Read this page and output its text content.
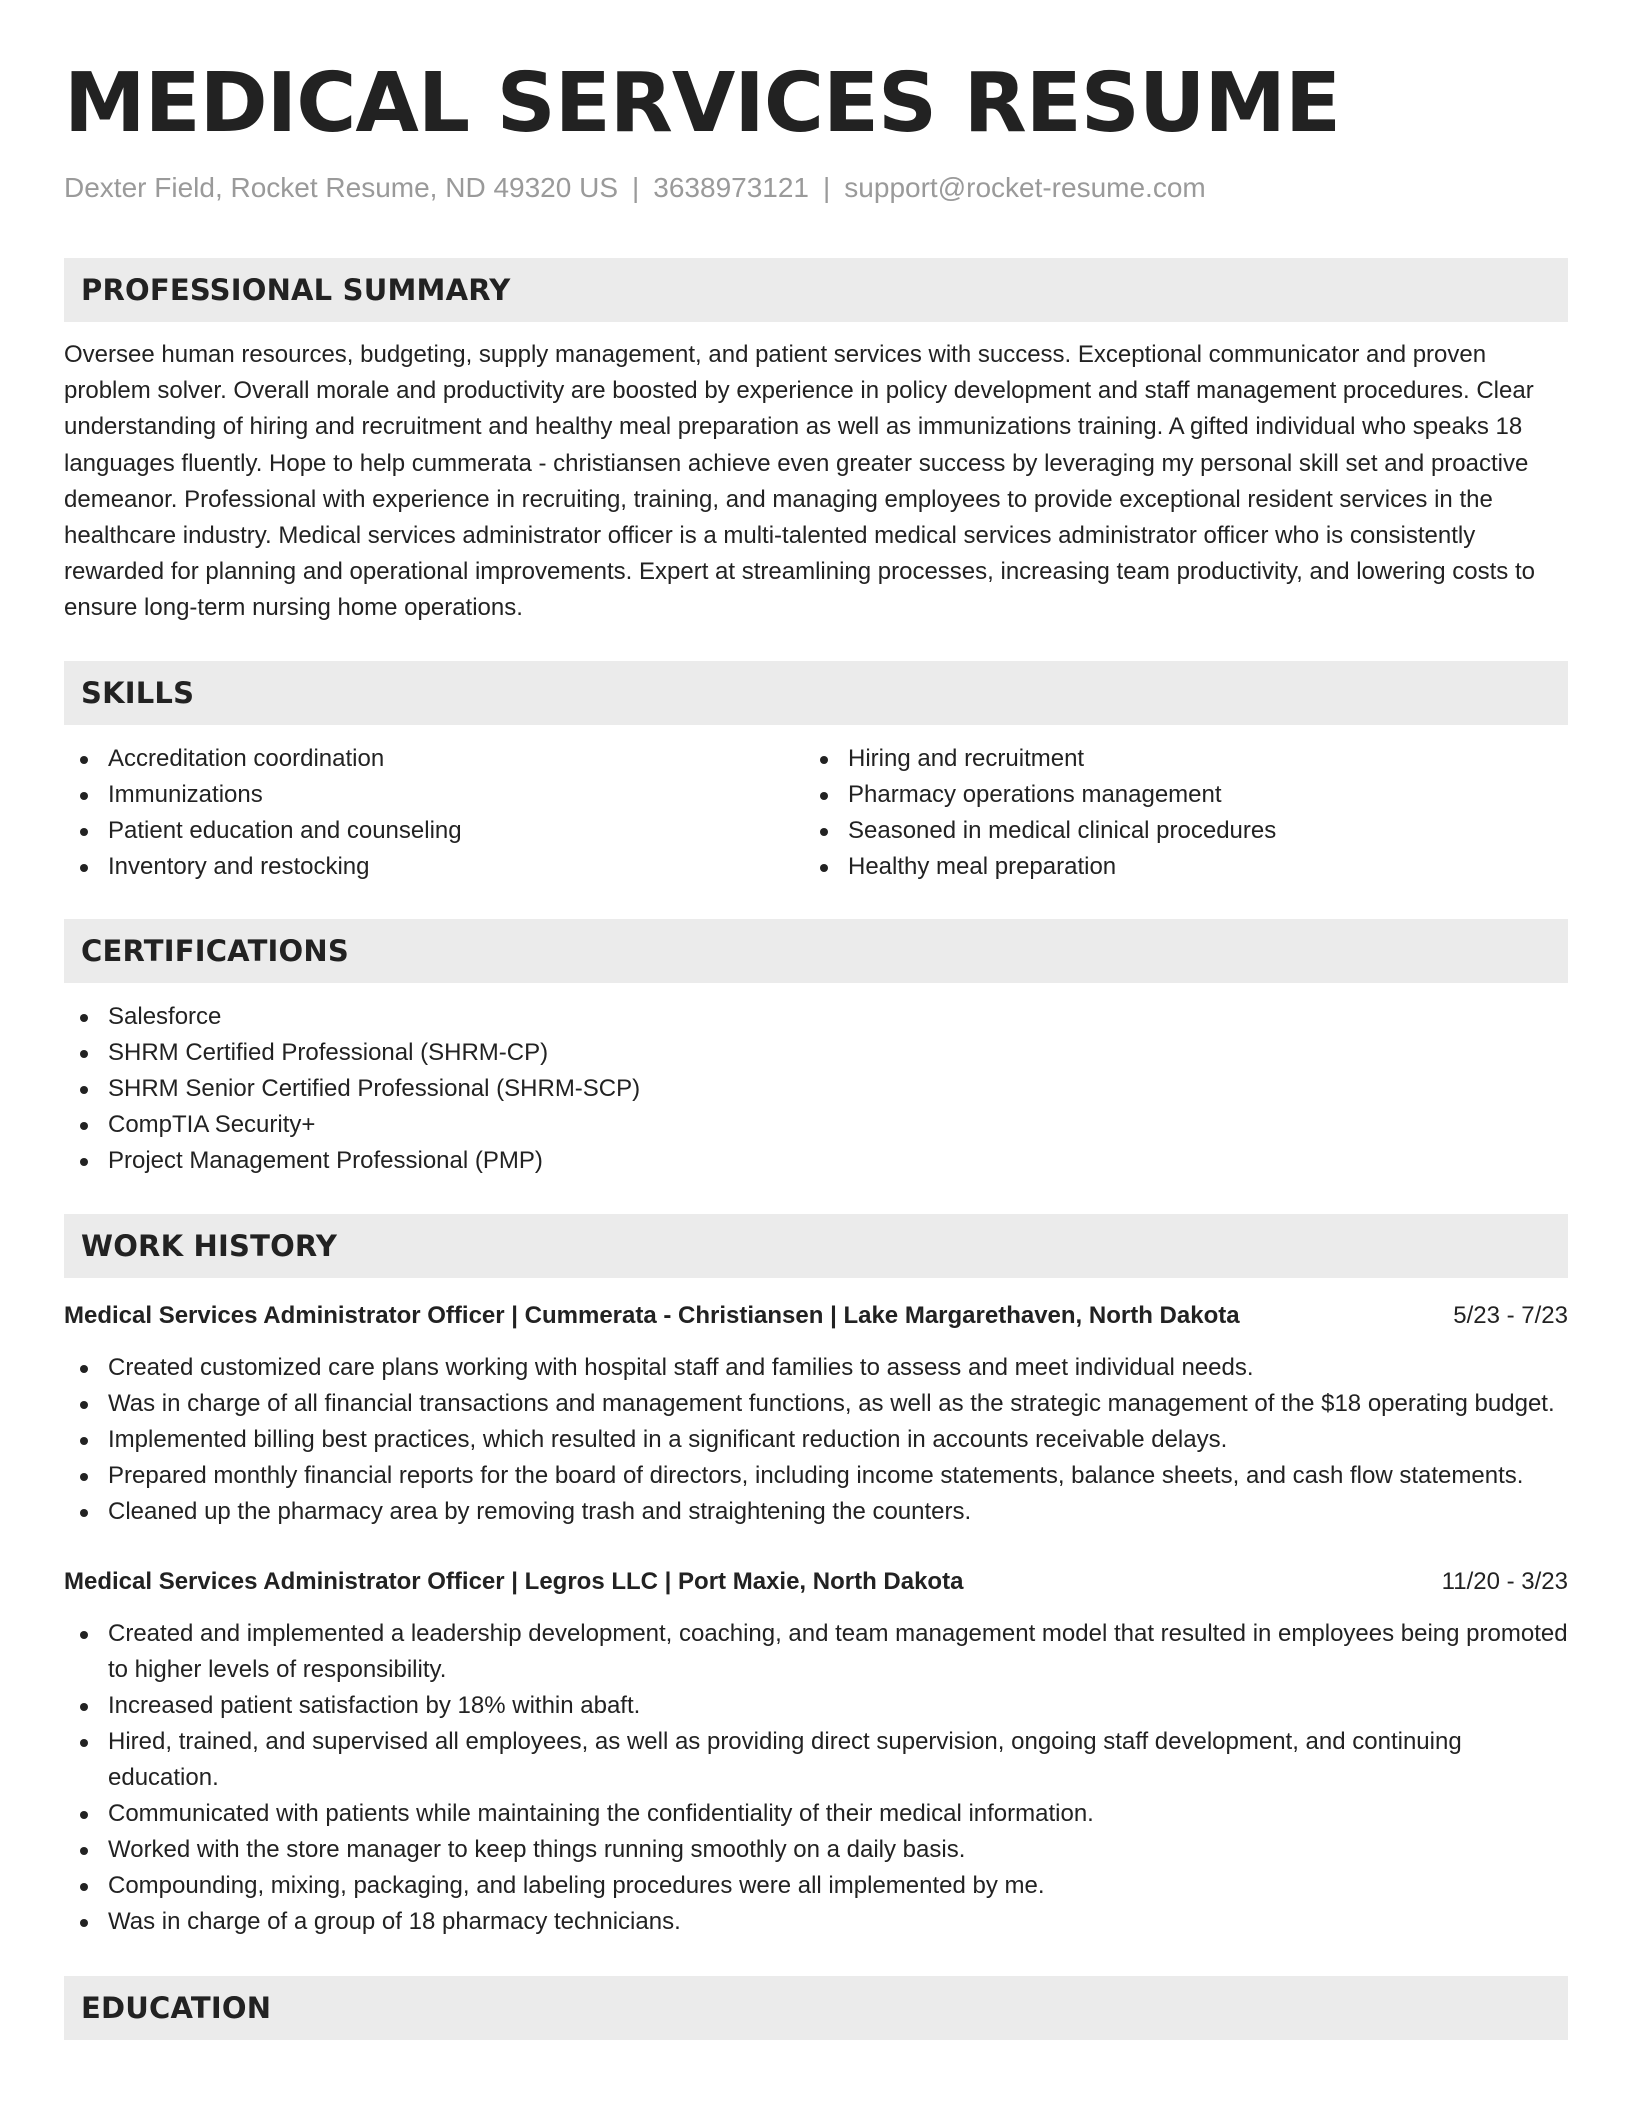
MEDICAL SERVICES RESUME
Dexter Field, Rocket Resume, ND 49320 US | 3638973121 | support@rocket-resume.com
PROFESSIONAL SUMMARY

Oversee human resources, budgeting, supply management, and patient services with success. Exceptional communicator and proven problem solver. Overall morale and productivity are boosted by experience in policy development and staff management procedures. Clear understanding of hiring and recruitment and healthy meal preparation as well as immunizations training. A gifted individual who speaks 18 languages fluently. Hope to help cummerata - christiansen achieve even greater success by leveraging my personal skill set and proactive demeanor. Professional with experience in recruiting, training, and managing employees to provide exceptional resident services in the healthcare industry. Medical services administrator officer is a multi-talented medical services administrator officer who is consistently rewarded for planning and operational improvements. Expert at streamlining processes, increasing team productivity, and lowering costs to ensure long-term nursing home operations.

SKILLS
Accreditation coordination
Immunizations
Patient education and counseling
Inventory and restocking
Hiring and recruitment
Pharmacy operations management
Seasoned in medical clinical procedures
Healthy meal preparation
CERTIFICATIONS
Salesforce
SHRM Certified Professional (SHRM-CP)
SHRM Senior Certified Professional (SHRM-SCP)
CompTIA Security+
Project Management Professional (PMP)
WORK HISTORY
Medical Services Administrator Officer | Cummerata - Christiansen | Lake Margarethaven, North Dakota	5/23 - 7/23
Created customized care plans working with hospital staff and families to assess and meet individual needs.
Was in charge of all financial transactions and management functions, as well as the strategic management of the $18 operating budget.
Implemented billing best practices, which resulted in a significant reduction in accounts receivable delays.
Prepared monthly financial reports for the board of directors, including income statements, balance sheets, and cash flow statements.
Cleaned up the pharmacy area by removing trash and straightening the counters.
Medical Services Administrator Officer | Legros LLC | Port Maxie, North Dakota	11/20 - 3/23
Created and implemented a leadership development, coaching, and team management model that resulted in employees being promoted to higher levels of responsibility.
Increased patient satisfaction by 18% within abaft.
Hired, trained, and supervised all employees, as well as providing direct supervision, ongoing staff development, and continuing education.
Communicated with patients while maintaining the confidentiality of their medical information.
Worked with the store manager to keep things running smoothly on a daily basis.
Compounding, mixing, packaging, and labeling procedures were all implemented by me.
Was in charge of a group of 18 pharmacy technicians.
EDUCATION
